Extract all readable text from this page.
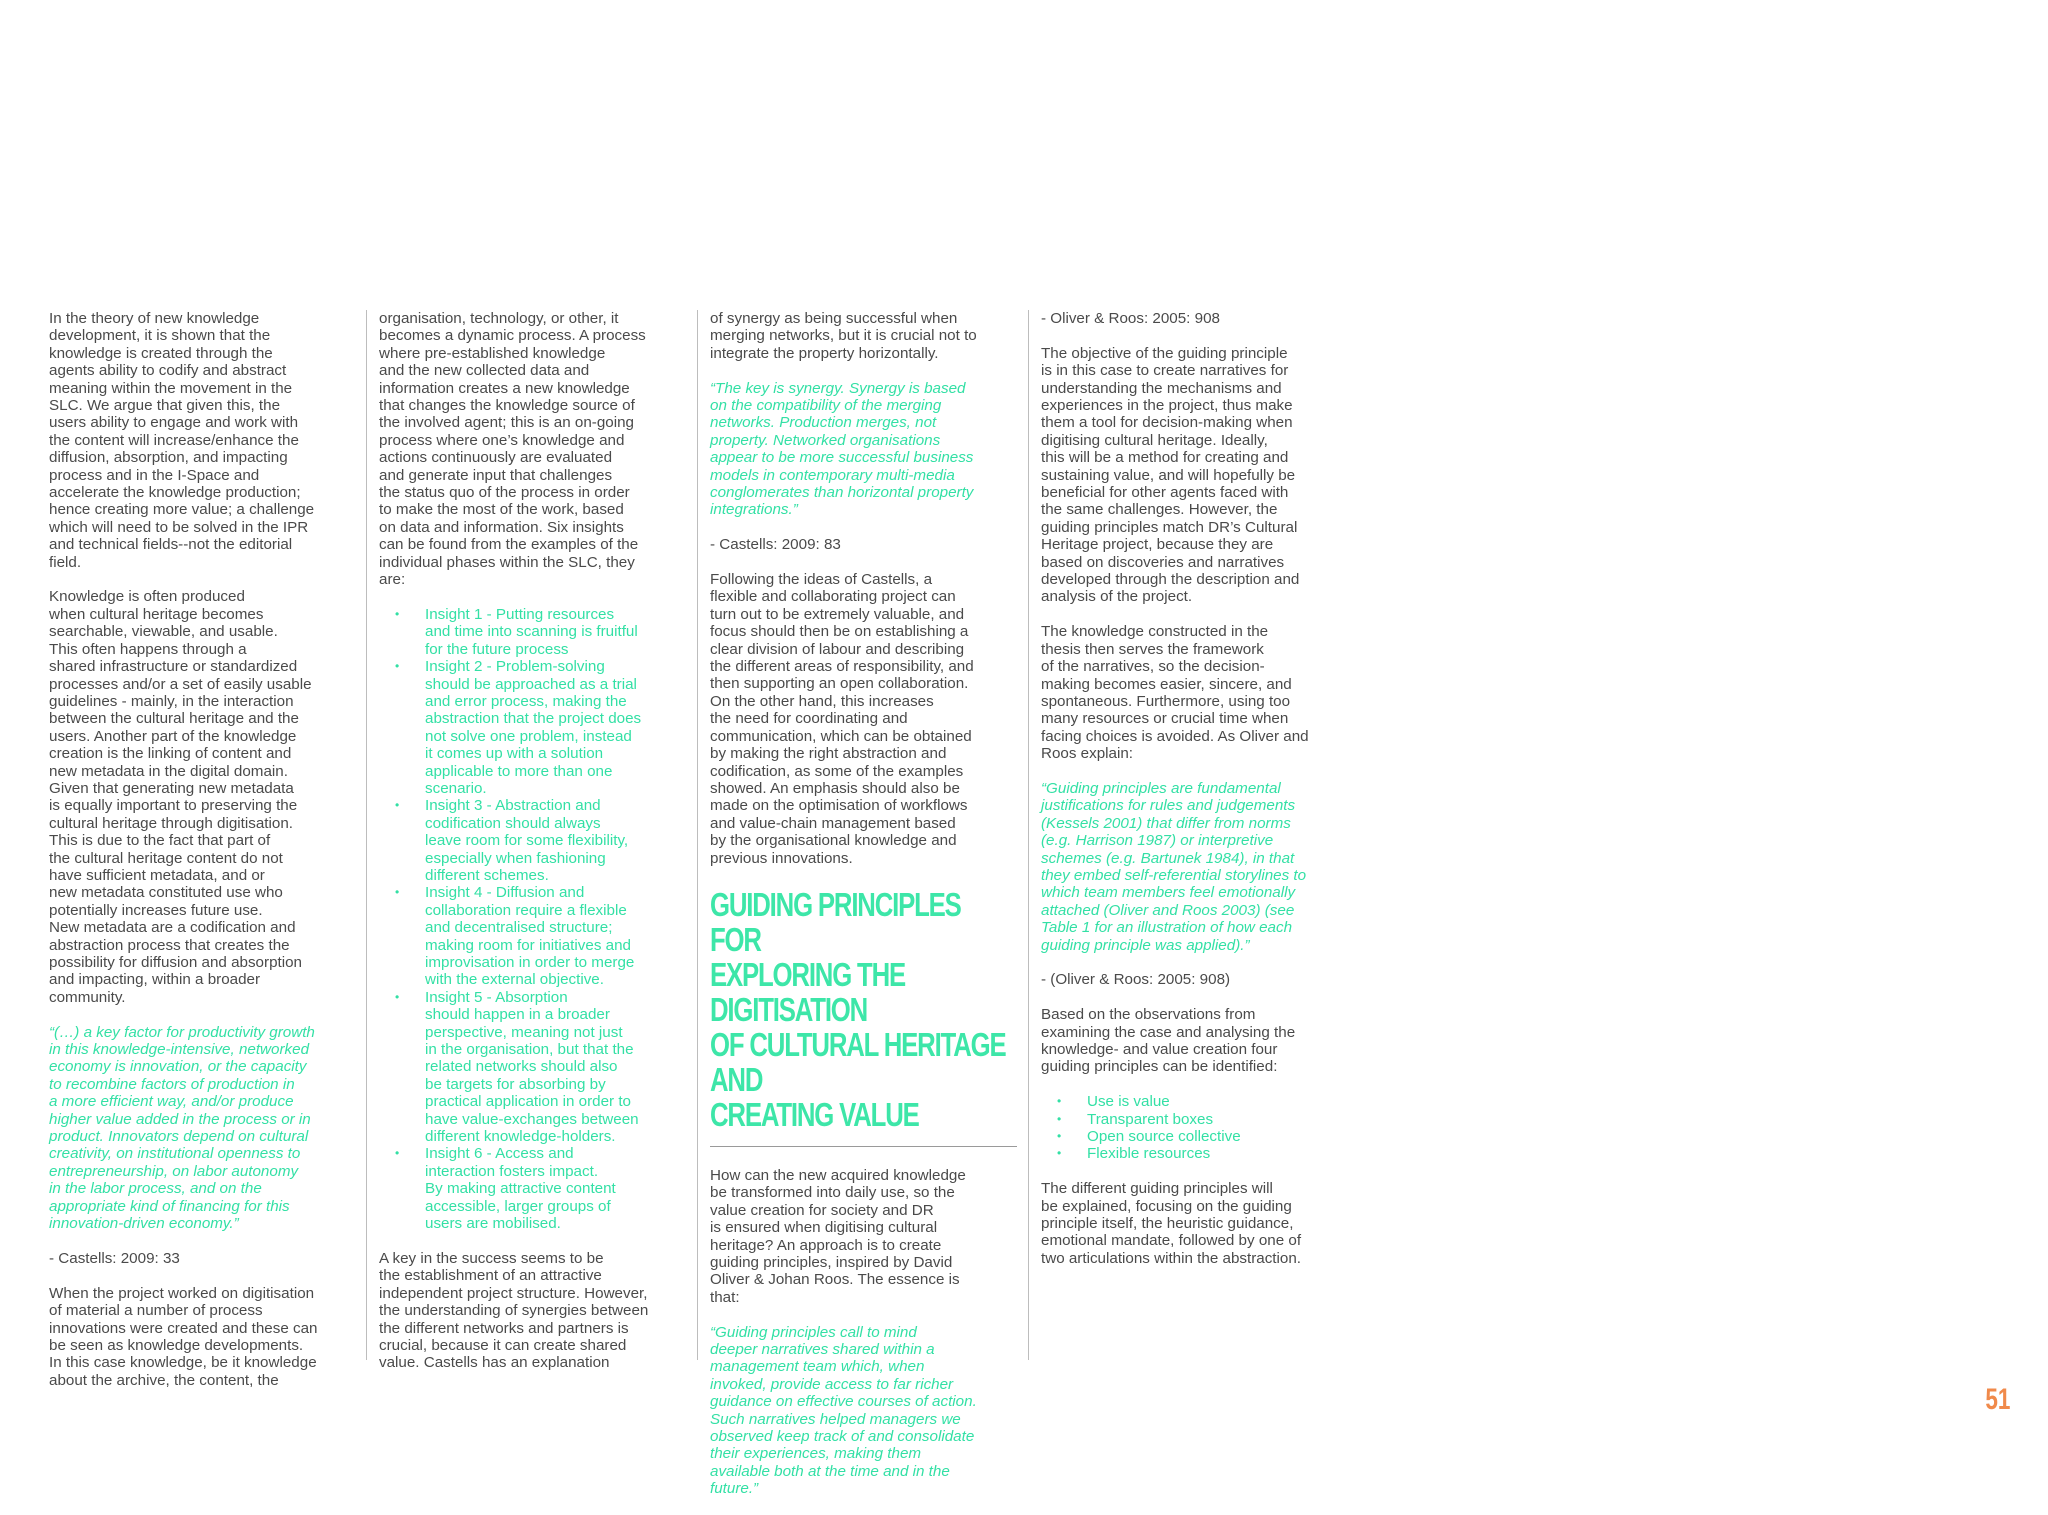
In the theory of new knowledge
development, it is shown that the
knowledge is created through the
agents ability to codify and abstract
meaning within the movement in the
SLC. We argue that given this, the
users ability to engage and work with
the content will increase/enhance the
diffusion, absorption, and impacting
process and in the I-Space and
accelerate the knowledge production;
hence creating more value; a challenge
which will need to be solved in the IPR
and technical fields--not the editorial
field.

Knowledge is often produced
when cultural heritage becomes
searchable, viewable, and usable.
This often happens through a
shared infrastructure or standardized
processes and/or a set of easily usable
guidelines - mainly, in the interaction
between the cultural heritage and the
users. Another part of the knowledge
creation is the linking of content and
new metadata in the digital domain.
Given that generating new metadata
is equally important to preserving the
cultural heritage through digitisation.
This is due to the fact that part of
the cultural heritage content do not
have sufficient metadata, and or
new metadata constituted use who
potentially increases future use.
New metadata are a codification and
abstraction process that creates the
possibility for diffusion and absorption
and impacting, within a broader
community.

“(…) a key factor for productivity growth
in this knowledge-intensive, networked
economy is innovation, or the capacity
to recombine factors of production in
a more efficient way, and/or produce
higher value added in the process or in
product. Innovators depend on cultural
creativity, on institutional openness to
entrepreneurship, on labor autonomy
in the labor process, and on the
appropriate kind of financing for this
innovation-driven economy.”

- Castells: 2009: 33

When the project worked on digitisation
of material a number of process
innovations were created and these can
be seen as knowledge developments.
In this case knowledge, be it knowledge
about the archive, the content, the

organisation, technology, or other, it
becomes a dynamic process. A process
where pre-established knowledge
and the new collected data and
information creates a new knowledge
that changes the knowledge source of
the involved agent; this is an on-going
process where one’s knowledge and
actions continuously are evaluated
and generate input that challenges
the status quo of the process in order
to make the most of the work, based
on data and information. Six insights
can be found from the examples of the
individual phases within the SLC, they
are:

• Insight 1 - Putting resources
and time into scanning is fruitful
for the future process
• Insight 2 - Problem-solving
should be approached as a trial
and error process, making the
abstraction that the project does
not solve one problem, instead
it comes up with a solution
applicable to more than one
scenario.
• Insight 3 - Abstraction and
codification should always
leave room for some flexibility,
especially when fashioning
different schemes.
• Insight 4 - Diffusion and
collaboration require a flexible
and decentralised structure;
making room for initiatives and
improvisation in order to merge
with the external objective.
• Insight 5 - Absorption
should happen in a broader
perspective, meaning not just
in the organisation, but that the
related networks should also
be targets for absorbing by
practical application in order to
have value-exchanges between
different knowledge-holders.
• Insight 6 - Access and
interaction fosters impact.
By making attractive content
accessible, larger groups of
users are mobilised.

A key in the success seems to be
the establishment of an attractive
independent project structure. However,
the understanding of synergies between
the different networks and partners is
crucial, because it can create shared
value. Castells has an explanation

of synergy as being successful when
merging networks, but it is crucial not to
integrate the property horizontally.

“The key is synergy. Synergy is based
on the compatibility of the merging
networks. Production merges, not
property. Networked organisations
appear to be more successful business
models in contemporary multi-media
conglomerates than horizontal property
integrations.”

- Castells: 2009: 83

Following the ideas of Castells, a
flexible and collaborating project can
turn out to be extremely valuable, and
focus should then be on establishing a
clear division of labour and describing
the different areas of responsibility, and
then supporting an open collaboration.
On the other hand, this increases
the need for coordinating and
communication, which can be obtained
by making the right abstraction and
codification, as some of the examples
showed. An emphasis should also be
made on the optimisation of workflows
and value-chain management based
by the organisational knowledge and
previous innovations.

GUIDING PRINCIPLES FOR
EXPLORING THE DIGITISATION
OF CULTURAL HERITAGE AND
CREATING VALUE

How can the new acquired knowledge
be transformed into daily use, so the
value creation for society and DR
is ensured when digitising cultural
heritage? An approach is to create
guiding principles, inspired by David
Oliver & Johan Roos. The essence is
that:

“Guiding principles call to mind
deeper narratives shared within a
management team which, when
invoked, provide access to far richer
guidance on effective courses of action.
Such narratives helped managers we
observed keep track of and consolidate
their experiences, making them
available both at the time and in the
future.”

- Oliver & Roos: 2005: 908

The objective of the guiding principle
is in this case to create narratives for
understanding the mechanisms and
experiences in the project, thus make
them a tool for decision-making when
digitising cultural heritage. Ideally,
this will be a method for creating and
sustaining value, and will hopefully be
beneficial for other agents faced with
the same challenges. However, the
guiding principles match DR’s Cultural
Heritage project, because they are
based on discoveries and narratives
developed through the description and
analysis of the project.

The knowledge constructed in the
thesis then serves the framework
of the narratives, so the decision-
making becomes easier, sincere, and
spontaneous. Furthermore, using too
many resources or crucial time when
facing choices is avoided. As Oliver and
Roos explain:

“Guiding principles are fundamental
justifications for rules and judgements
(Kessels 2001) that differ from norms
(e.g. Harrison 1987) or interpretive
schemes (e.g. Bartunek 1984), in that
they embed self-referential storylines to
which team members feel emotionally
attached (Oliver and Roos 2003) (see
Table 1 for an illustration of how each
guiding principle was applied).”

- (Oliver & Roos: 2005: 908)

Based on the observations from
examining the case and analysing the
knowledge- and value creation four
guiding principles can be identified:

• Use is value
• Transparent boxes
• Open source collective
• Flexible resources

The different guiding principles will
be explained, focusing on the guiding
principle itself, the heuristic guidance,
emotional mandate, followed by one of
two articulations within the abstraction.

51
